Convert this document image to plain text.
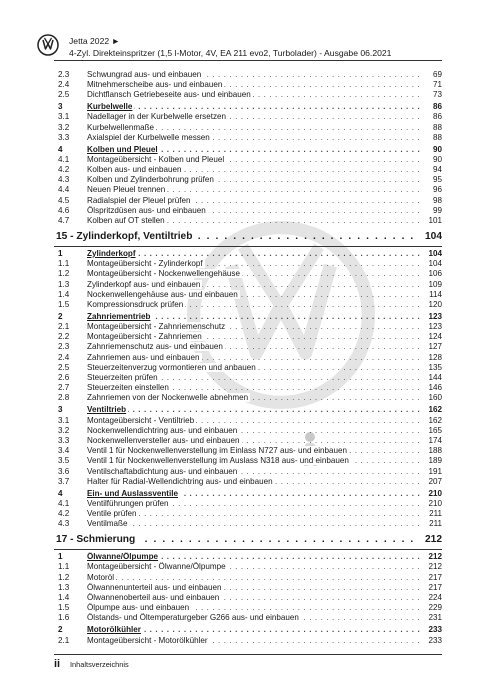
Jetta 2022 ►
4-Zyl. Direkteinspritzer (1,5 l-Motor, 4V, EA 211 evo2, Turbolader) - Ausgabe 06.2021
2.3 Schwungrad aus- und einbauen . . .	69
2.4 Mitnehmerscheibe aus- und einbauen . . .	71
2.5 Dichtflansch Getriebeseite aus- und einbauen . . .	73
3	Kurbelwelle . . .	86
3.1 Nadellager in der Kurbelwelle ersetzen . . .	86
3.2 Kurbelwellenmaße . . .	88
3.3 Axialspiel der Kurbelwelle messen . . .	88
4	Kolben und Pleuel . . .	90
4.1 Montageübersicht - Kolben und Pleuel . . .	90
4.2 Kolben aus- und einbauen . . .	94
4.3 Kolben und Zylinderbohrung prüfen . . .	95
4.4 Neuen Pleuel trennen . . .	96
4.5 Radialspiel der Pleuel prüfen . . .	98
4.6 Ölspritzdüsen aus- und einbauen . . .	99
4.7 Kolben auf OT stellen . . .	101
15 - Zylinderkopf, Ventiltrieb . . .	104
1	Zylinderkopf . . .	104
1.1 Montageübersicht - Zylinderkopf . . .	104
1.2 Montageübersicht - Nockenwellengehäuse . . .	106
1.3 Zylinderkopf aus- und einbauen . . .	109
1.4 Nockenwellengehäuse aus- und einbauen . . .	114
1.5 Kompressionsdruck prüfen . . .	120
2	Zahnriementrieb . . .	123
2.1 Montageübersicht - Zahnriemenschutz . . .	123
2.2 Montageübersicht - Zahnriemen . . .	124
2.3 Zahnriemenschutz aus- und einbauen . . .	127
2.4 Zahnriemen aus- und einbauen . . .	128
2.5 Steuerzeitenverzug vormontieren und anbauen . . .	135
2.6 Steuerzeiten prüfen . . .	144
2.7 Steuerzeiten einstellen . . .	146
2.8 Zahnriemen von der Nockenwelle abnehmen . . .	160
3	Ventiltrieb . . .	162
3.1 Montageübersicht - Ventiltrieb . . .	162
3.2 Nockenwellendichtring aus- und einbauen . . .	165
3.3 Nockenwellenversteller aus- und einbauen . . .	174
3.4 Ventil 1 für Nockenwellenverstellung im Einlass N727 aus- und einbauen . . .	188
3.5 Ventil 1 für Nockenwellenverstellung im Auslass N318 aus- und einbauen . . .	189
3.6 Ventilschaftabdichtung aus- und einbauen . . .	191
3.7 Halter für Radial-Wellendichtring aus- und einbauen . . .	207
4	Ein- und Auslassventile . . .	210
4.1 Ventilführungen prüfen . . .	210
4.2 Ventile prüfen . . .	211
4.3 Ventilmaße . . .	211
17 - Schmierung . . .	212
1	Ölwanne/Ölpumpe . . .	212
1.1 Montageübersicht - Ölwanne/Ölpumpe . . .	212
1.2 Motoröl . . .	217
1.3 Ölwannenunterteil aus- und einbauen . . .	217
1.4 Ölwannenoberteil aus- und einbauen . . .	224
1.5 Ölpumpe aus- und einbauen . . .	229
1.6 Ölstands- und Öltemperaturgeber G266 aus- und einbauen . . .	231
2	Motorölkühler . . .	233
2.1 Montageübersicht - Motorölkühler . . .	233
ii Inhaltsverzeichnis
